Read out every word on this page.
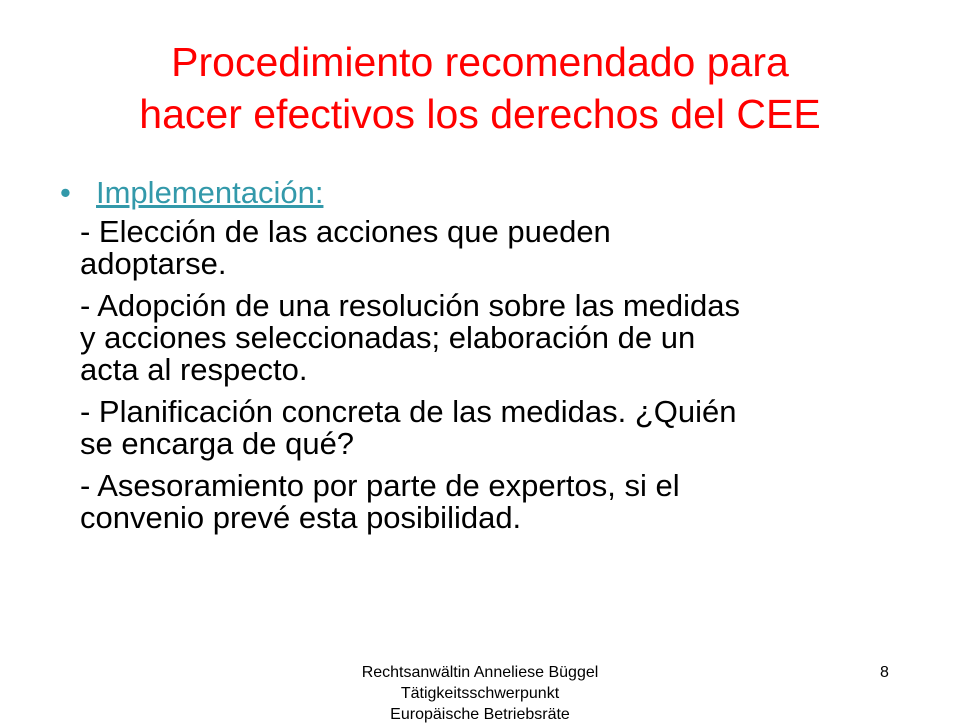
Procedimiento recomendado para
hacer efectivos los derechos del CEE
• Implementación:
- Elección de las acciones que pueden
adoptarse.
- Adopción de una resolución sobre las medidas
y acciones seleccionadas; elaboración de un
acta al respecto.
- Planificación concreta de las medidas. ¿Quién
se encarga de qué?
- Asesoramiento por parte de expertos, si el
convenio prevé esta posibilidad.
Rechtsanwältin Anneliese Büggel
Tätigkeitsschwerpunkt
Europäische Betriebsräte
8
